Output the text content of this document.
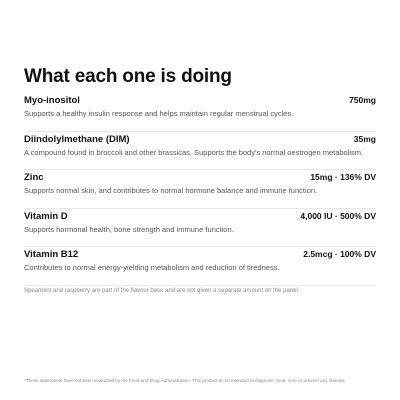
What each one is doing
Myo-inositol	750mg
Supports a healthy insulin response and helps maintain regular menstrual cycles.
Diindolylmethane (DIM)	35mg
A compound found in broccoli and other brassicas. Supports the body's normal oestrogen metabolism.
Zinc	15mg · 136% DV
Supports normal skin, and contributes to normal hormone balance and immune function.
Vitamin D	4,000 IU · 500% DV
Supports hormonal health, bone strength and immune function.
Vitamin B12	2.5mcg · 100% DV
Contributes to normal energy-yielding metabolism and reduction of tiredness.
Spearmint and raspberry are part of the flavour base and are not given a separate amount on the panel.
*These statements have not been evaluated by the Food and Drug Administration. This product is not intended to diagnose, treat, cure or prevent any disease.
